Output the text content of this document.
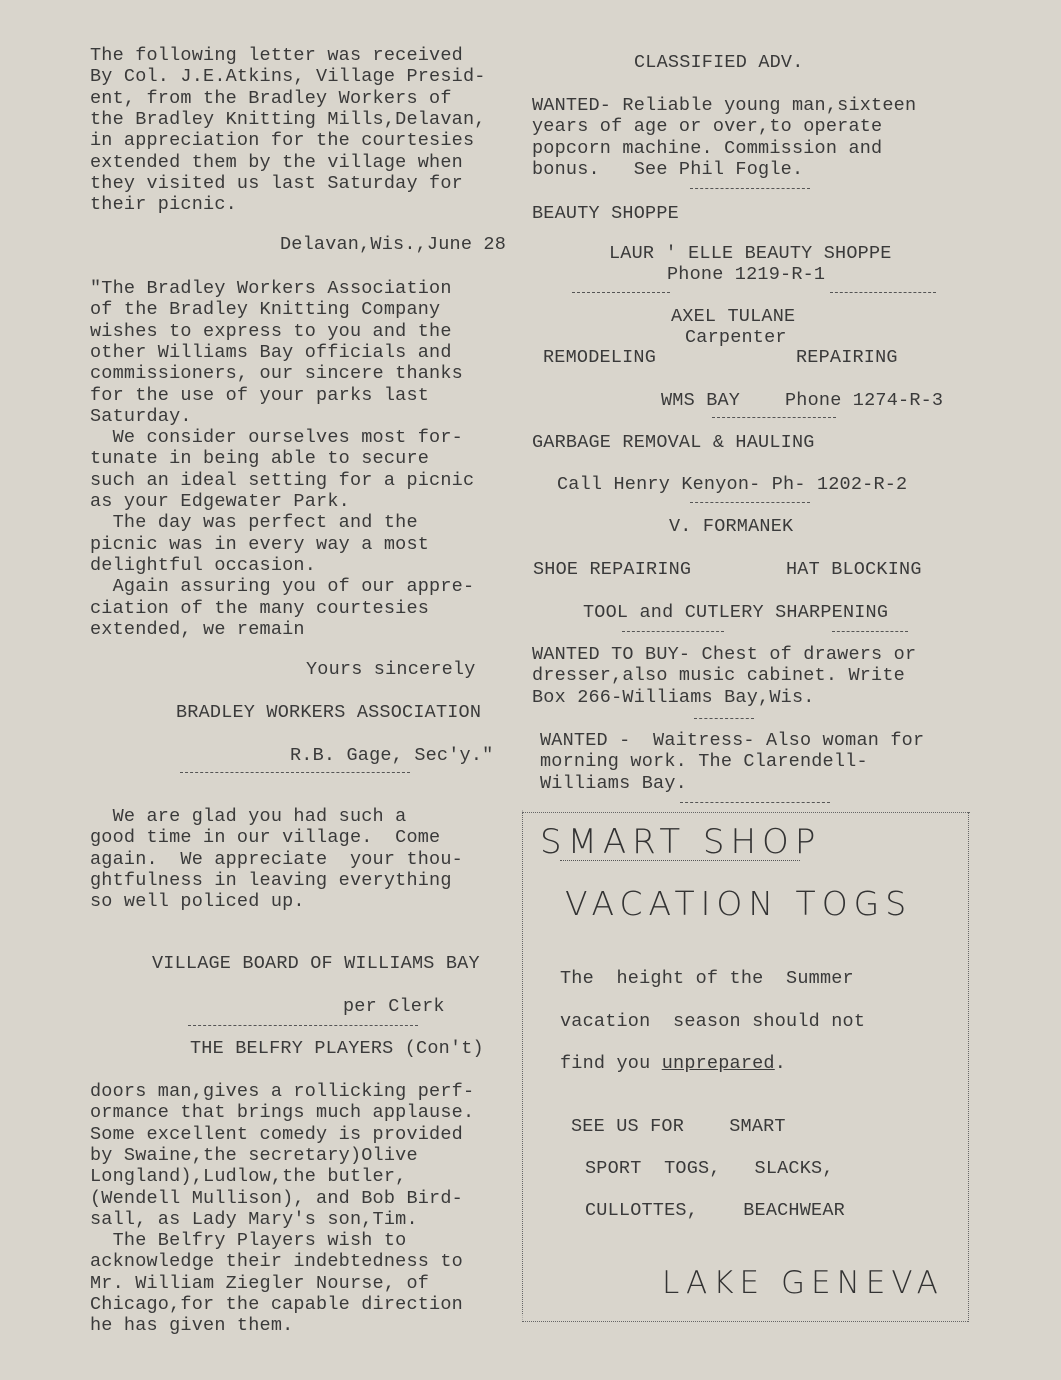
The following letter was received
By Col. J.E.Atkins, Village Presid-
ent, from the Bradley Workers of
the Bradley Knitting Mills,Delavan,
in appreciation for the courtesies
extended them by the village when
they visited us last Saturday for
their picnic.
Delavan,Wis.,June 28
"The Bradley Workers Association
of the Bradley Knitting Company
wishes to express to you and the
other Williams Bay officials and
commissioners, our sincere thanks
for the use of your parks last
Saturday.
We consider ourselves most for-
tunate in being able to secure
such an ideal setting for a picnic
as your Edgewater Park.
The day was perfect and the
picnic was in every way a most
delightful occasion.
Again assuring you of our appre-
ciation of the many courtesies
extended, we remain
Yours sincerely
BRADLEY WORKERS ASSOCIATION
R.B. Gage, Sec'y."
We are glad you had such a
good time in our village.  Come
again.  We appreciate  your thou-
ghtfulness in leaving everything
so well policed up.
VILLAGE BOARD OF WILLIAMS BAY
per Clerk
THE BELFRY PLAYERS (Con't)
doors man,gives a rollicking perf-
ormance that brings much applause.
Some excellent comedy is provided
by Swaine,the secretary)Olive
Longland),Ludlow,the butler,
(Wendell Mullison), and Bob Bird-
sall, as Lady Mary's son,Tim.
The Belfry Players wish to
acknowledge their indebtedness to
Mr. William Ziegler Nourse, of
Chicago,for the capable direction
he has given them.
CLASSIFIED ADV.
WANTED- Reliable young man,sixteen
years of age or over,to operate
popcorn machine. Commission and
bonus.   See Phil Fogle.
BEAUTY SHOPPE
LAUR ' ELLE BEAUTY SHOPPE
Phone 1219-R-1
AXEL TULANE
Carpenter
REMODELING	REPAIRING
WMS BAY Phone 1274-R-3
GARBAGE REMOVAL & HAULING
Call Henry Kenyon- Ph- 1202-R-2
V. FORMANEK
SHOE REPAIRING	HAT BLOCKING
TOOL and CUTLERY SHARPENING
WANTED TO BUY- Chest of drawers or
dresser,also music cabinet. Write
Box 266-Williams Bay,Wis.
WANTED -  Waitress- Also woman for
morning work. The Clarendell-
Williams Bay.
SMART SHOP
VACATION TOGS
The  height of the  Summer
vacation  season should not
find you unprepared.
SEE US FOR    SMART
SPORT  TOGS,   SLACKS,
CULLOTTES,    BEACHWEAR
LAKE GENEVA
